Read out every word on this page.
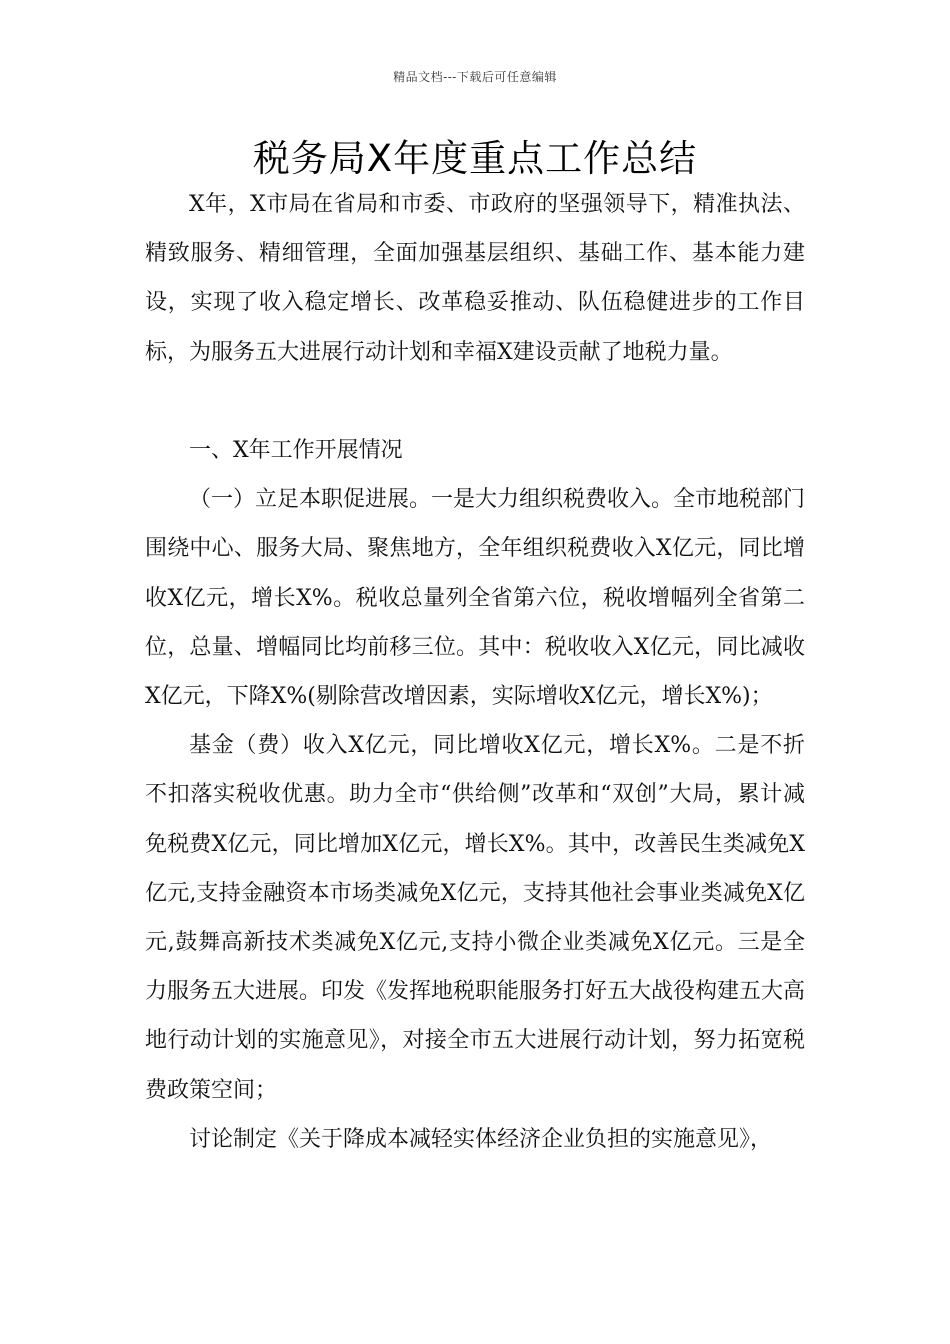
精品文档---下载后可任意编辑
税务局X年度重点工作总结

X年，X市局在省局和市委、市政府的坚强领导下，精准执法、精致服务、精细管理，全面加强基层组织、基础工作、基本能力建设，实现了收入稳定增长、改革稳妥推动、队伍稳健进步的工作目标，为服务五大进展行动计划和幸福X建设贡献了地税力量。

一、X年工作开展情况

（一）立足本职促进展。一是大力组织税费收入。全市地税部门围绕中心、服务大局、聚焦地方，全年组织税费收入X亿元，同比增收X亿元，增长X%。税收总量列全省第六位，税收增幅列全省第二位，总量、增幅同比均前移三位。其中：税收收入X亿元，同比减收X亿元，下降X%(剔除营改增因素，实际增收X亿元，增长X%)；

基金（费）收入X亿元，同比增收X亿元，增长X%。二是不折不扣落实税收优惠。助力全市“供给侧”改革和“双创”大局，累计减免税费X亿元，同比增加X亿元，增长X%。其中，改善民生类减免X亿元,支持金融资本市场类减免X亿元，支持其他社会事业类减免X亿元,鼓舞高新技术类减免X亿元,支持小微企业类减免X亿元。三是全力服务五大进展。印发《发挥地税职能服务打好五大战役构建五大高地行动计划的实施意见》，对接全市五大进展行动计划，努力拓宽税费政策空间；

讨论制定《关于降成本减轻实体经济企业负担的实施意见》，
